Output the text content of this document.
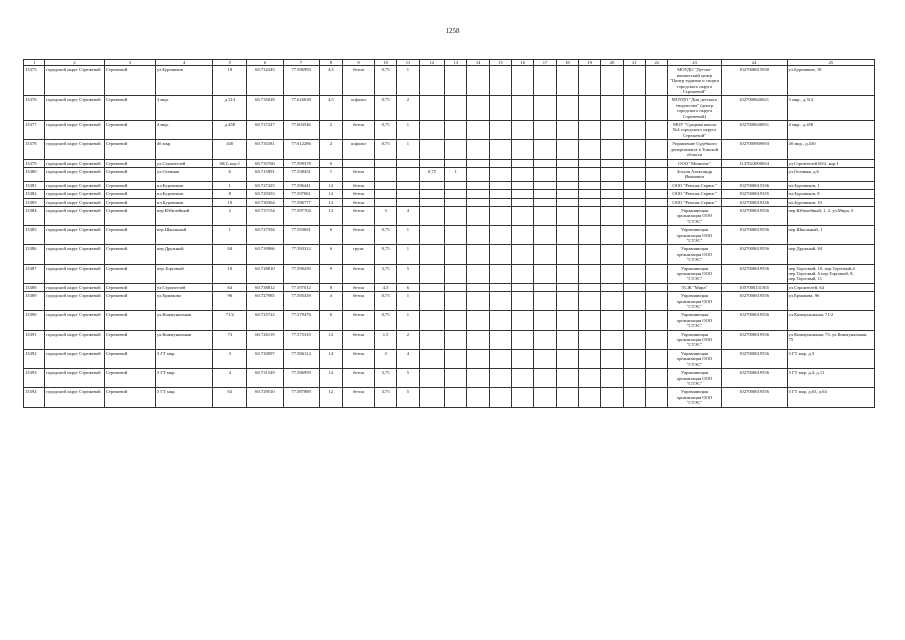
1258
1	2	3	4	5	6	7	8	9	10	11	12	13	14	15	16	17	18	19	20	21	22	23	24	25
13375	городской округ Стрежевой	Стрежевой	ул.Буровиков	18	60.732345	77.586993	4,5	бетон	0,75	1												МОУДО "Детско-юношеский центр "Центр туризма и спорта городского округа Стрежевой"	1027000615930	ул.Буровиков, 18
13376	городской округ Стрежевой	Стрежевой	3 мкр.	д.314	60.735028	77.616638	4,5	асфальт	0,75	2												МОУДО "Дом детского творчества" (центр городского округа Стрежевой)	1027000620021	3 мкр., д.314
13377	городской округ Стрежевой	Стрежевой	4 мкр.	д.458	60.737247	77.603546	2	бетон	0,75	1												МОУ "Средняя школа №4 городского округа Стрежевой"	1027000620051	4 мкр., д.458
13378	городской округ Стрежевой	Стрежевой	4б мкр.	430	60.735381	77.612286	2	асфальт	0,75	1												Управление Судебного департамента в Томской области	1027000909693	4б мкр., д.430
13379	городской округ Стрежевой	Стрежевой	ул.Строителей	60/2, кор.1	60.735760	77.599378	б															ООО "Монолит"	1137022000034	ул.Строителей 60/2, кор.1
13380	городской округ Стрежевой	Стрежевой	ул.Осенняя	6	60.715891	77.538431	1	бетон			0,75	1										Зозуля Александр Иванович		ул.Осенняя, д.6
13381	городской округ Стрежевой	Стрежевой	пл.Буровиков	1	60.727425	77.586441	12	бетон														ООО "Ремсан Сервис"	1027000615336	пл.Буровиков, 1
13382	городской округ Стрежевой	Стрежевой	пл.Буровиков	8	60.729353	77.597061	12	бетон														ООО "Ремсан Сервис"	1027000619335	пл.Буровиков, 8
13383	городской округ Стрежевой	Стрежевой	пл.Буровиков	10	60.730364	77.596777	12	бетон														ООО "Ремсан Сервис"	1027000619336	пл.Буровиков, 10
13384	городской округ Стрежевой	Стрежевой	пер.Юбилейный	2	60.737154	77.597704	12	бетон	3	4												Управляющая организация ООО "СТЭС"	1027000619556	пер.Юбилейный, 1, 2, ул.Мира, 5
13385	городской округ Стрежевой	Стрежевой	пер.Школьный	1	60.727594	77.593691	6	бетон	0,75	1												Управляющая организация ООО "СТЭС"	1027000619556	пер.Школьный, 1
13386	городской округ Стрежевой	Стрежевой	пер.Дружный	84	60.739966	77.593312	6	грунт	0,75	1												Управляющая организация ООО "СТЭС"	1027000619556	пер.Дружный, 84
13387	городской округ Стрежевой	Стрежевой	пер.Торговый	10	60.728810	77.590439	9	бетон	3,75	5												Управляющая организация ООО "СТЭС"	1027000619556	пер.Торговый, 10, пер.Торговый,4 пер.Торговый, 6 пер.Торговый, 8, пер.Торговый, 11
13388	городской округ Стрежевой	Стрежевой	ул.Строителей	64	60.738812	77.597012	8	бетон	4,5	6												ТСЖ "Мира"	1057000131365	ул.Строителей, 64
13389	городской округ Стрежевой	Стрежевой	ул.Ермакова	96	60.727985	77.585439	4	бетон	0,75	1												Управляющая организация ООО "СТЭС"	1027000619556	ул.Ермакова, 96
13390	городской округ Стрежевой	Стрежевой	ул.Коммунальная	71/2	60.725722	77.579476	6	бетон	0,75	1												Управляющая организация ООО "СТЭС"	1027000619556	ул.Коммунальная, 71/2
13391	городской округ Стрежевой	Стрежевой	ул.Коммунальная	73	60.726119	77.575310	12	бетон	1,5	2												Управляющая организация ООО "СТЭС"	1027000619556	ул.Коммунальная, 73, ул.Коммунальная, 75
13392	городской округ Стрежевой	Стрежевой	3 ГТ мкр.	3	60.730097	77.586114	14	бетон	3	4												Управляющая организация ООО "СТЭС"	1027000619556	3 ГТ мкр. д.3
13393	городской округ Стрежевой	Стрежевой	3 ГТ мкр.	4	60.731549	77.586959	14	бетон	3,75	5												Управляющая организация ООО "СТЭС"	1027000619556	3 ГТ мкр. д.4, д.11
13394	городской округ Стрежевой	Стрежевой	3 ГТ мкр.	63	60.729510	77.587889	12	бетон	3,75	5												Управляющая организация ООО "СТЭС"	1027000619556	3 ГТ мкр. д.63, д.64
